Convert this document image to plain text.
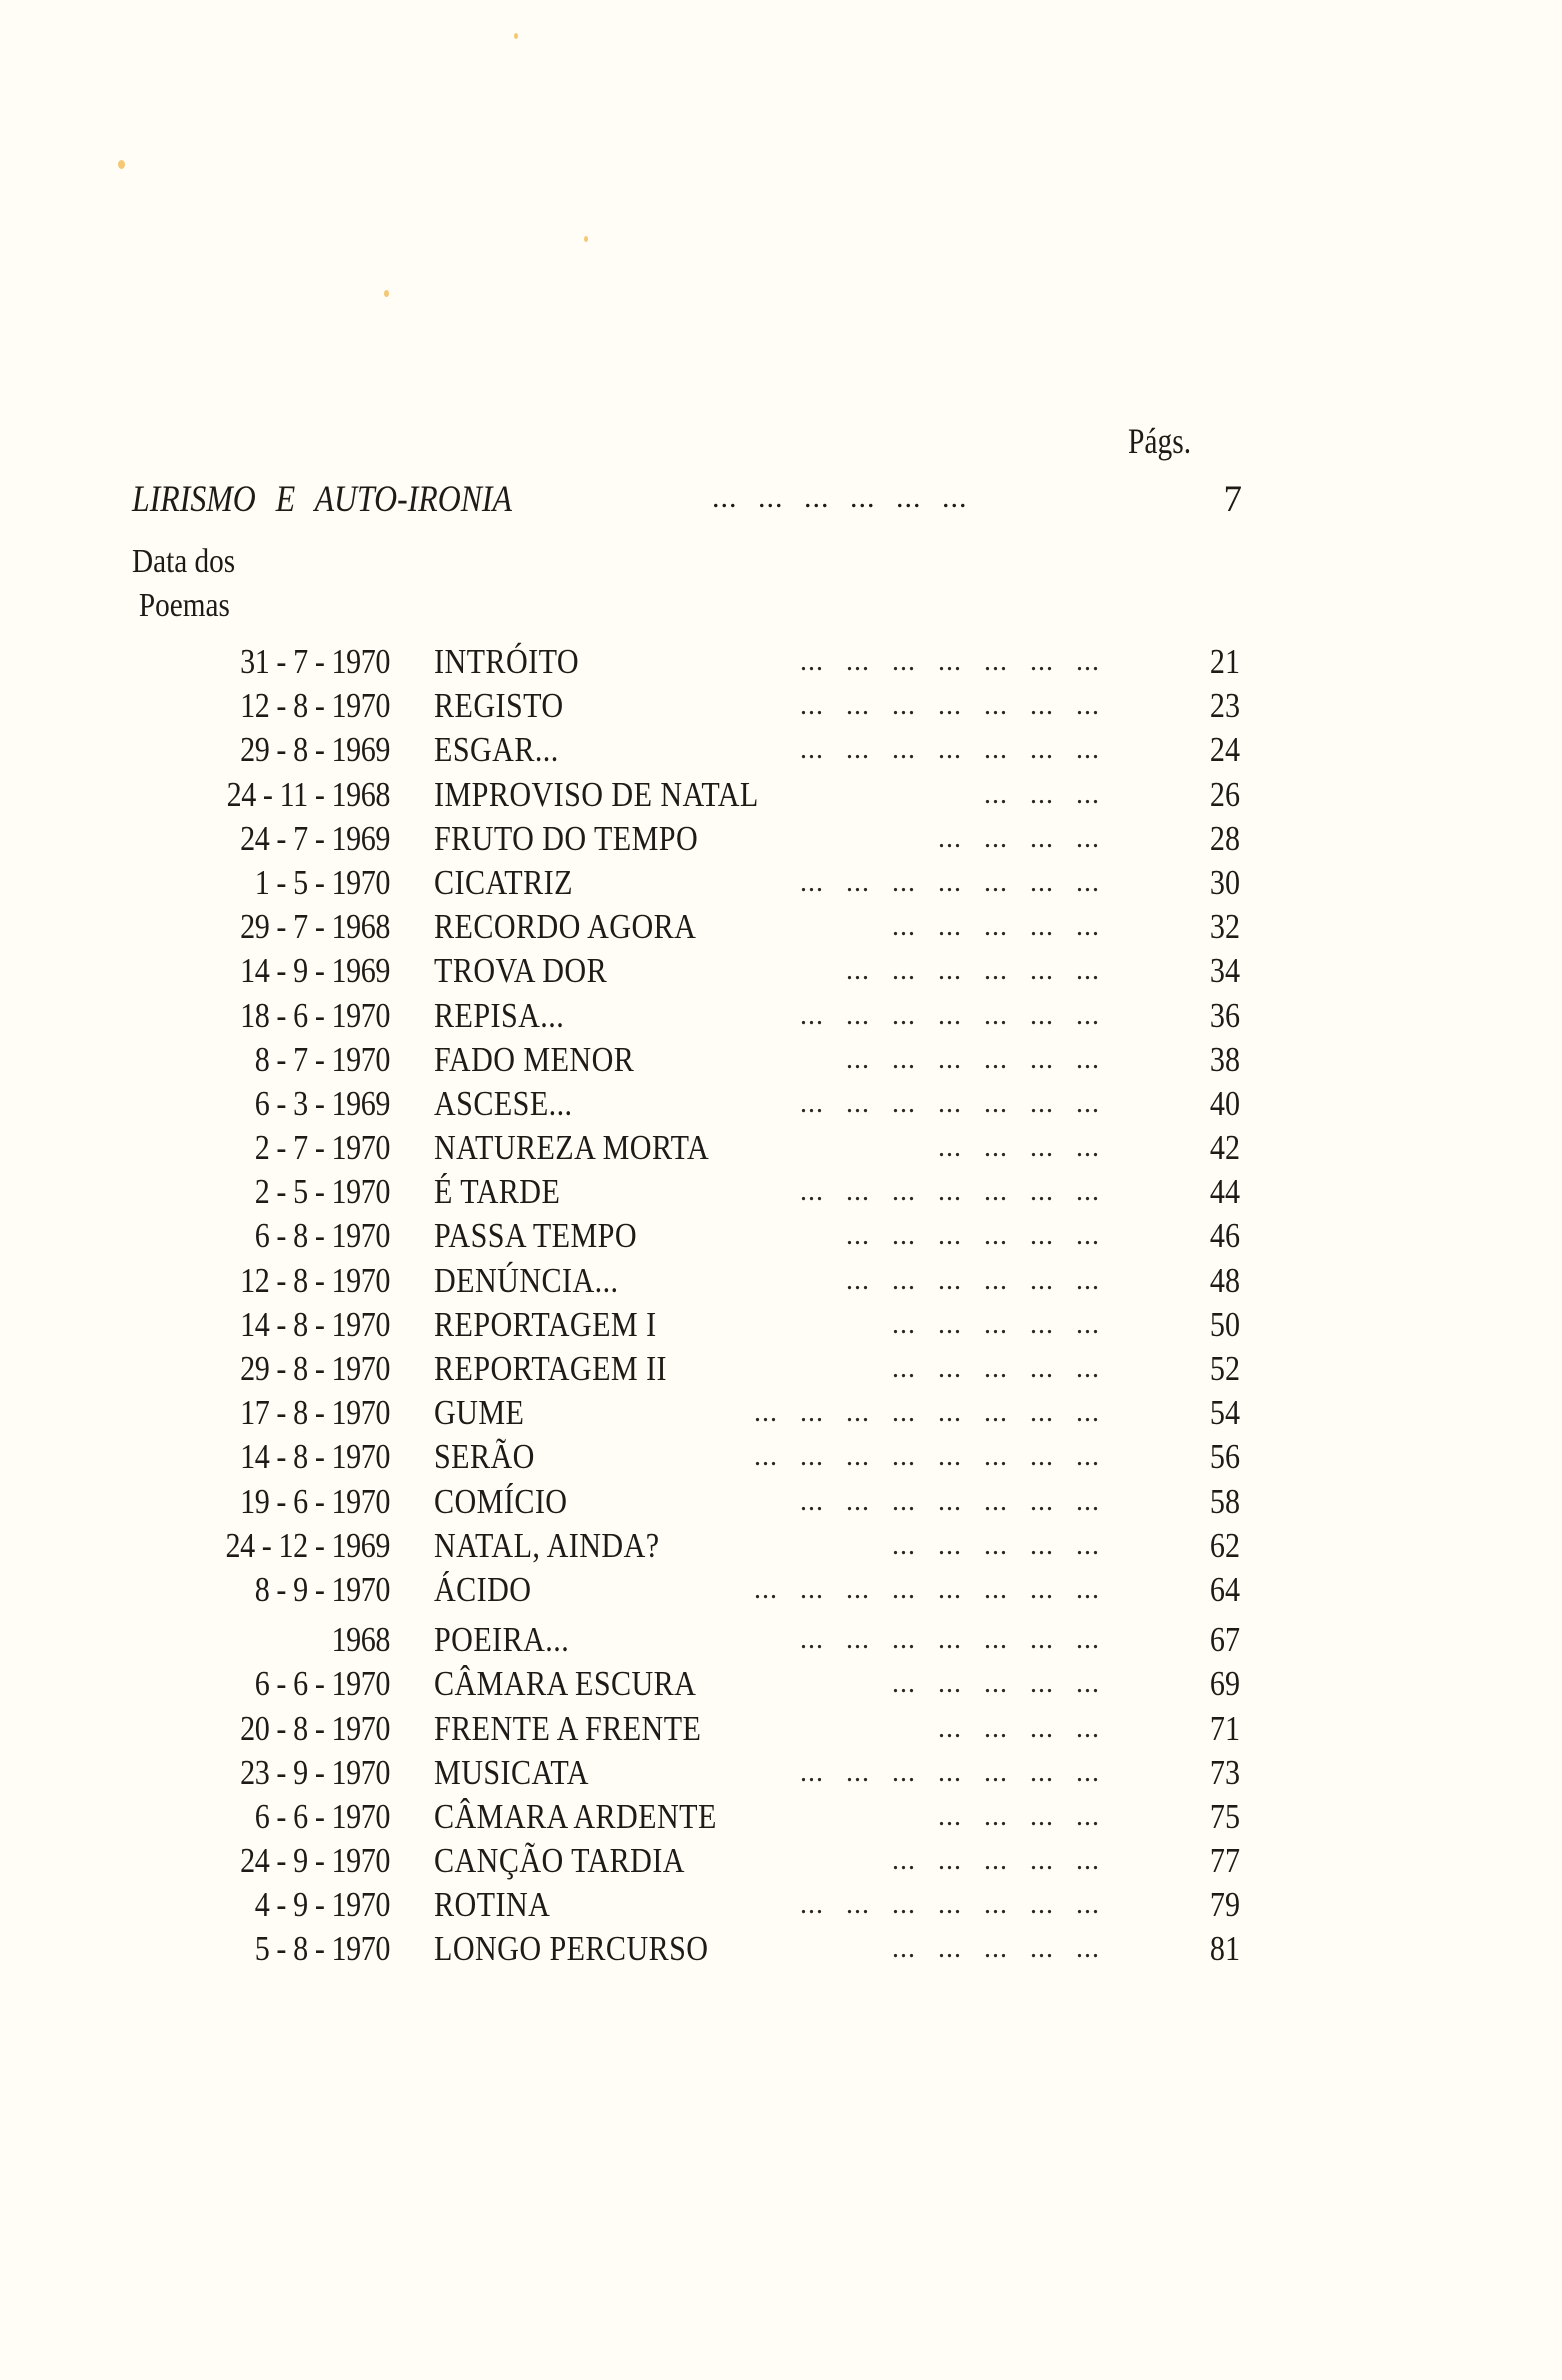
Págs.
LIRISMO E AUTO-IRONIA	... ... ... ... ... ...	7
Data dos
Poemas
31 - 7 - 1970 INTRÓITO	... ... ... ... ... ... ...	21
12 - 8 - 1970 REGISTO	... ... ... ... ... ... ...	23
29 - 8 - 1969 ESGAR...	... ... ... ... ... ... ...	24
24 - 11 - 1968 IMPROVISO DE NATAL	... ... ...	26
24 - 7 - 1969 FRUTO DO TEMPO	... ... ... ...	28
1 - 5 - 1970 CICATRIZ	... ... ... ... ... ... ...	30
29 - 7 - 1968 RECORDO AGORA	... ... ... ... ...	32
14 - 9 - 1969 TROVA DOR	... ... ... ... ... ...	34
18 - 6 - 1970 REPISA...	... ... ... ... ... ... ...	36
8 - 7 - 1970 FADO MENOR	... ... ... ... ... ...	38
6 - 3 - 1969 ASCESE...	... ... ... ... ... ... ...	40
2 - 7 - 1970 NATUREZA MORTA	... ... ... ...	42
2 - 5 - 1970 É TARDE	... ... ... ... ... ... ...	44
6 - 8 - 1970 PASSA TEMPO	... ... ... ... ... ...	46
12 - 8 - 1970 DENÚNCIA...	... ... ... ... ... ...	48
14 - 8 - 1970 REPORTAGEM I	... ... ... ... ...	50
29 - 8 - 1970 REPORTAGEM II	... ... ... ... ...	52
17 - 8 - 1970 GUME	... ... ... ... ... ... ... ...	54
14 - 8 - 1970 SERÃO	... ... ... ... ... ... ... ...	56
19 - 6 - 1970 COMÍCIO	... ... ... ... ... ... ...	58
24 - 12 - 1969 NATAL, AINDA?	... ... ... ... ...	62
8 - 9 - 1970 ÁCIDO	... ... ... ... ... ... ... ...	64
1968 POEIRA...	... ... ... ... ... ... ...	67
6 - 6 - 1970 CÂMARA ESCURA	... ... ... ... ...	69
20 - 8 - 1970 FRENTE A FRENTE	... ... ... ...	71
23 - 9 - 1970 MUSICATA	... ... ... ... ... ... ...	73
6 - 6 - 1970 CÂMARA ARDENTE	... ... ... ...	75
24 - 9 - 1970 CANÇÃO TARDIA	... ... ... ... ...	77
4 - 9 - 1970 ROTINA	... ... ... ... ... ... ...	79
5 - 8 - 1970 LONGO PERCURSO	... ... ... ... ...	81
